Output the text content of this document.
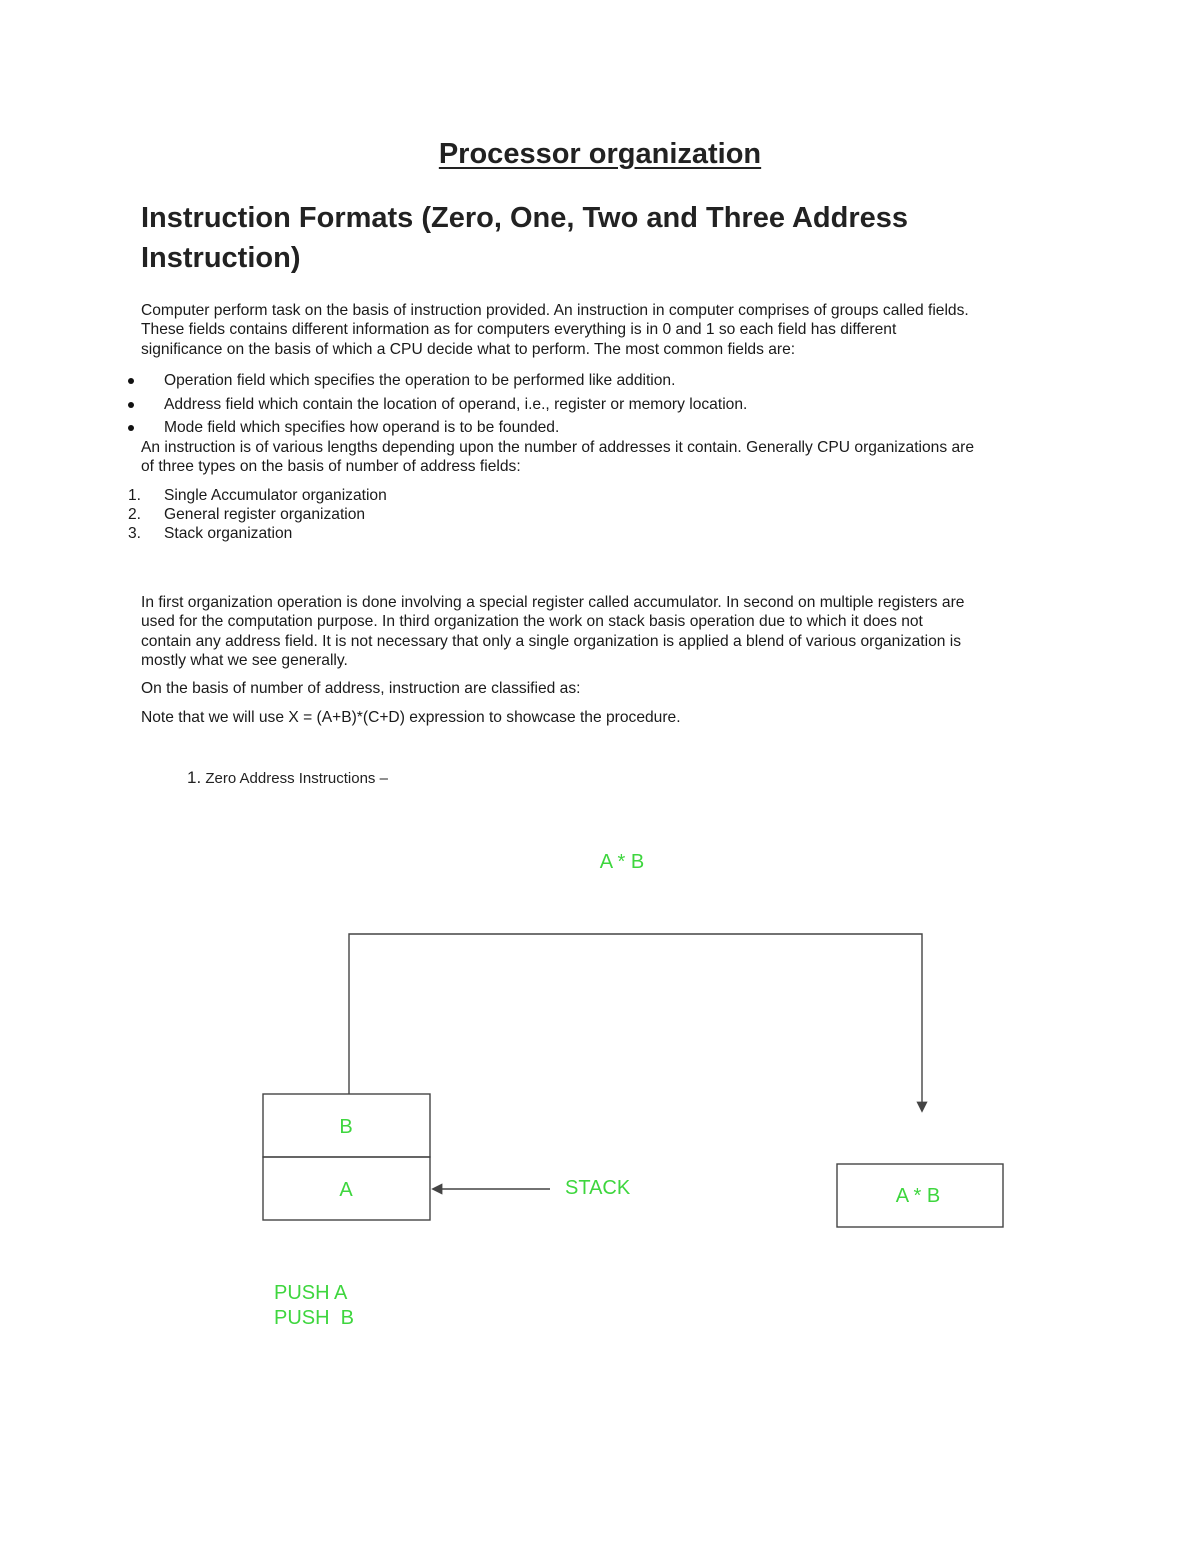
Processor organization
Instruction Formats (Zero, One, Two and Three Address Instruction)
Computer perform task on the basis of instruction provided. An instruction in computer comprises of groups called fields.
These fields contains different information as for computers everything is in 0 and 1 so each field has different
significance on the basis of which a CPU decide what to perform. The most common fields are:
Operation field which specifies the operation to be performed like addition.
Address field which contain the location of operand, i.e., register or memory location.
Mode field which specifies how operand is to be founded.
An instruction is of various lengths depending upon the number of addresses it contain. Generally CPU organizations are
of three types on the basis of number of address fields:
1. Single Accumulator organization
2. General register organization
3. Stack organization
In first organization operation is done involving a special register called accumulator. In second on multiple registers are
used for the computation purpose. In third organization the work on stack basis operation due to which it does not
contain any address field. It is not necessary that only a single organization is applied a blend of various organization is
mostly what we see generally.
On the basis of number of address, instruction are classified as:
Note that we will use X = (A+B)*(C+D) expression to showcase the procedure.
1. Zero Address Instructions –
A * B
B
A	STACK	A * B
PUSH A
PUSH  B
